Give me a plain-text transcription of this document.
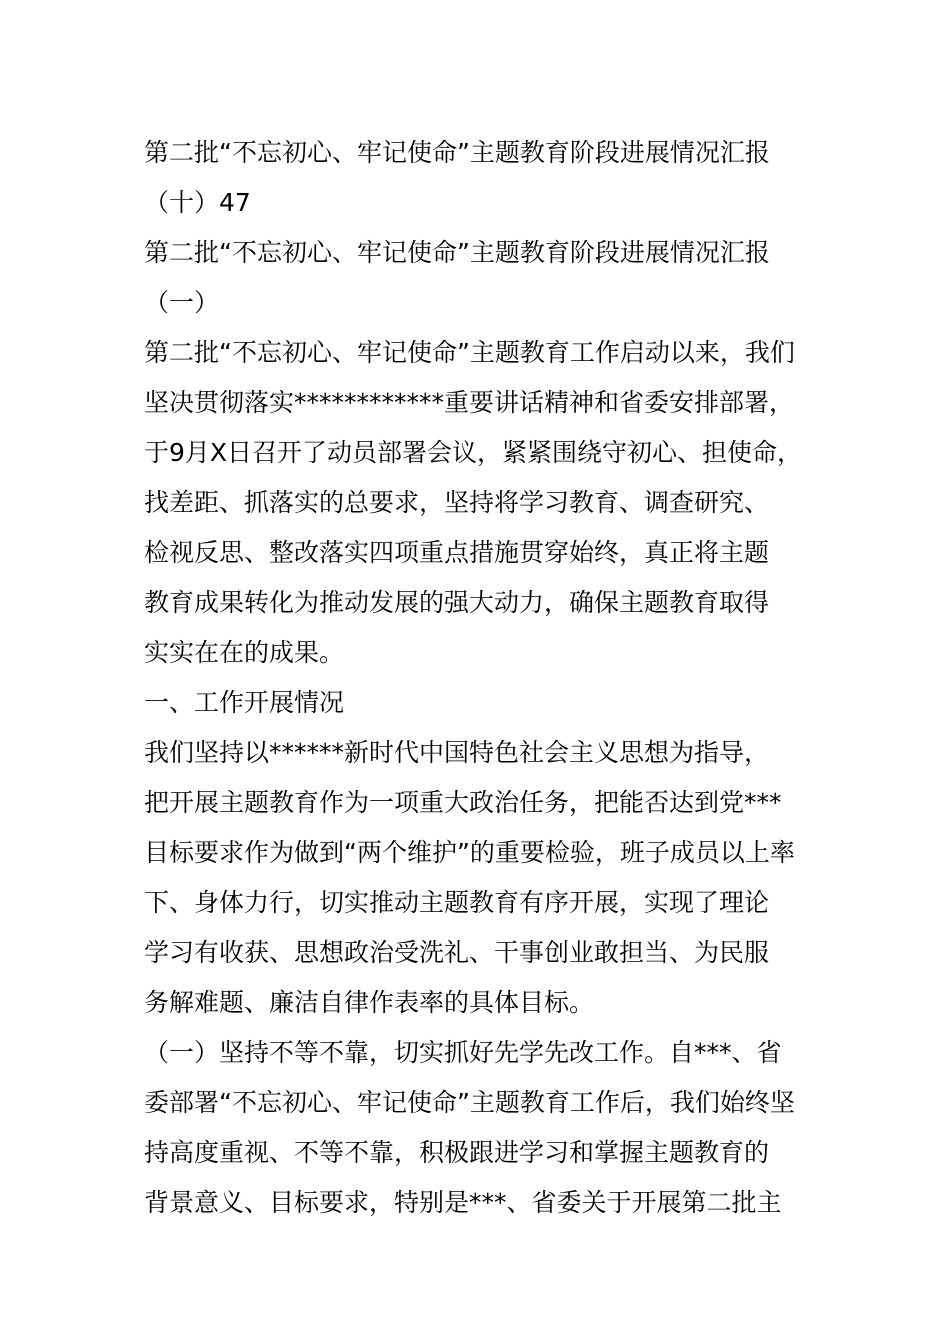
第二批“不忘初心、牢记使命”主题教育阶段进展情况汇报
（十）47
第二批“不忘初心、牢记使命”主题教育阶段进展情况汇报
（一）
第二批“不忘初心、牢记使命”主题教育工作启动以来，我们
坚决贯彻落实************重要讲话精神和省委安排部署，
于9月X日召开了动员部署会议，紧紧围绕守初心、担使命，
找差距、抓落实的总要求，坚持将学习教育、调查研究、
检视反思、整改落实四项重点措施贯穿始终，真正将主题
教育成果转化为推动发展的强大动力，确保主题教育取得
实实在在的成果。
一、工作开展情况
我们坚持以******新时代中国特色社会主义思想为指导，
把开展主题教育作为一项重大政治任务，把能否达到党***
目标要求作为做到“两个维护”的重要检验，班子成员以上率
下、身体力行，切实推动主题教育有序开展，实现了理论
学习有收获、思想政治受洗礼、干事创业敢担当、为民服
务解难题、廉洁自律作表率的具体目标。
（一）坚持不等不靠，切实抓好先学先改工作。自***、省
委部署“不忘初心、牢记使命”主题教育工作后，我们始终坚
持高度重视、不等不靠，积极跟进学习和掌握主题教育的
背景意义、目标要求，特别是***、省委关于开展第二批主
